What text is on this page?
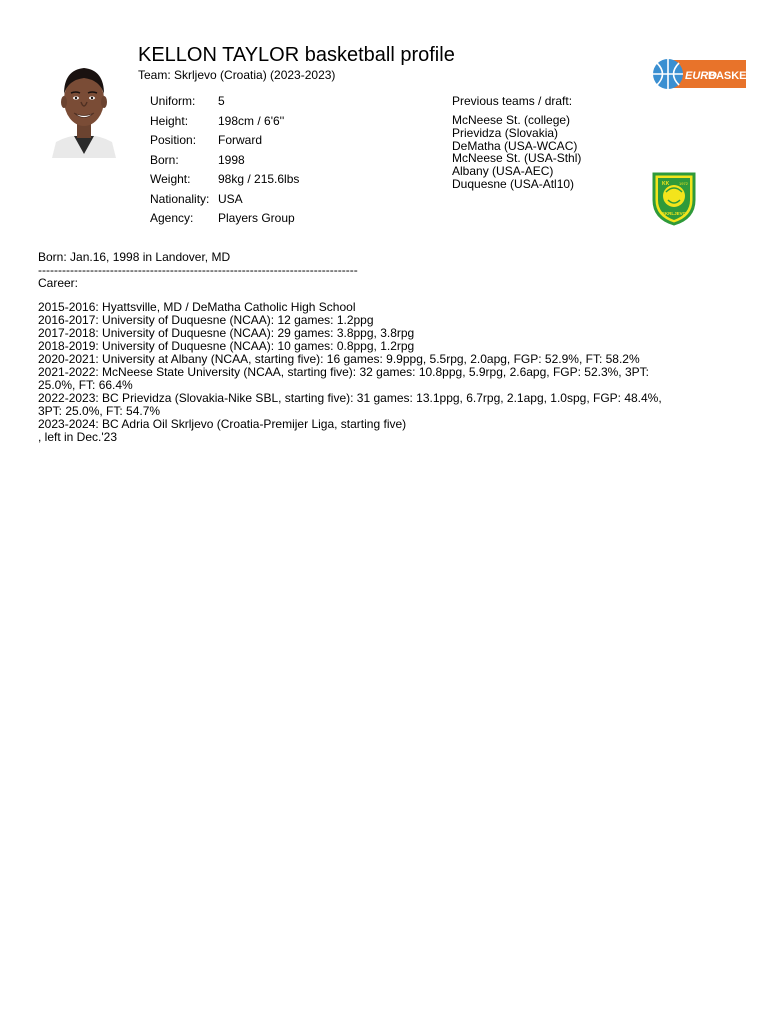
KELLON TAYLOR basketball profile
Team: Skrljevo (Croatia) (2023-2023)
Uniform: 5
Height: 198cm / 6'6''
Position: Forward
Born:	1998
Weight: 98kg / 215.6lbs
Nationality: USA
Agency: Players Group
Previous teams / draft:
McNeese St. (college)
Prievidza (Slovakia)
DeMatha (USA-WCAC)
McNeese St. (USA-Sthl)
Albany (USA-AEC)
Duquesne (USA-Atl10)
EURO
BASKET
KK 1972
SKRLJEVO
Born: Jan.16, 1998 in Landover, MD
--------------------------------------------------------------------------------
Career:
2015-2016: Hyattsville, MD / DeMatha Catholic High School
2016-2017: University of Duquesne (NCAA): 12 games: 1.2ppg
2017-2018: University of Duquesne (NCAA): 29 games: 3.8ppg, 3.8rpg
2018-2019: University of Duquesne (NCAA): 10 games: 0.8ppg, 1.2rpg
2020-2021: University at Albany (NCAA, starting five): 16 games: 9.9ppg, 5.5rpg, 2.0apg, FGP: 52.9%, FT: 58.2%
2021-2022: McNeese State University (NCAA, starting five): 32 games: 10.8ppg, 5.9rpg, 2.6apg, FGP: 52.3%, 3PT:
25.0%, FT: 66.4%
2022-2023: BC Prievidza (Slovakia-Nike SBL, starting five): 31 games: 13.1ppg, 6.7rpg, 2.1apg, 1.0spg, FGP: 48.4%,
3PT: 25.0%, FT: 54.7%
2023-2024: BC Adria Oil Skrljevo (Croatia-Premijer Liga, starting five)
, left in Dec.'23
